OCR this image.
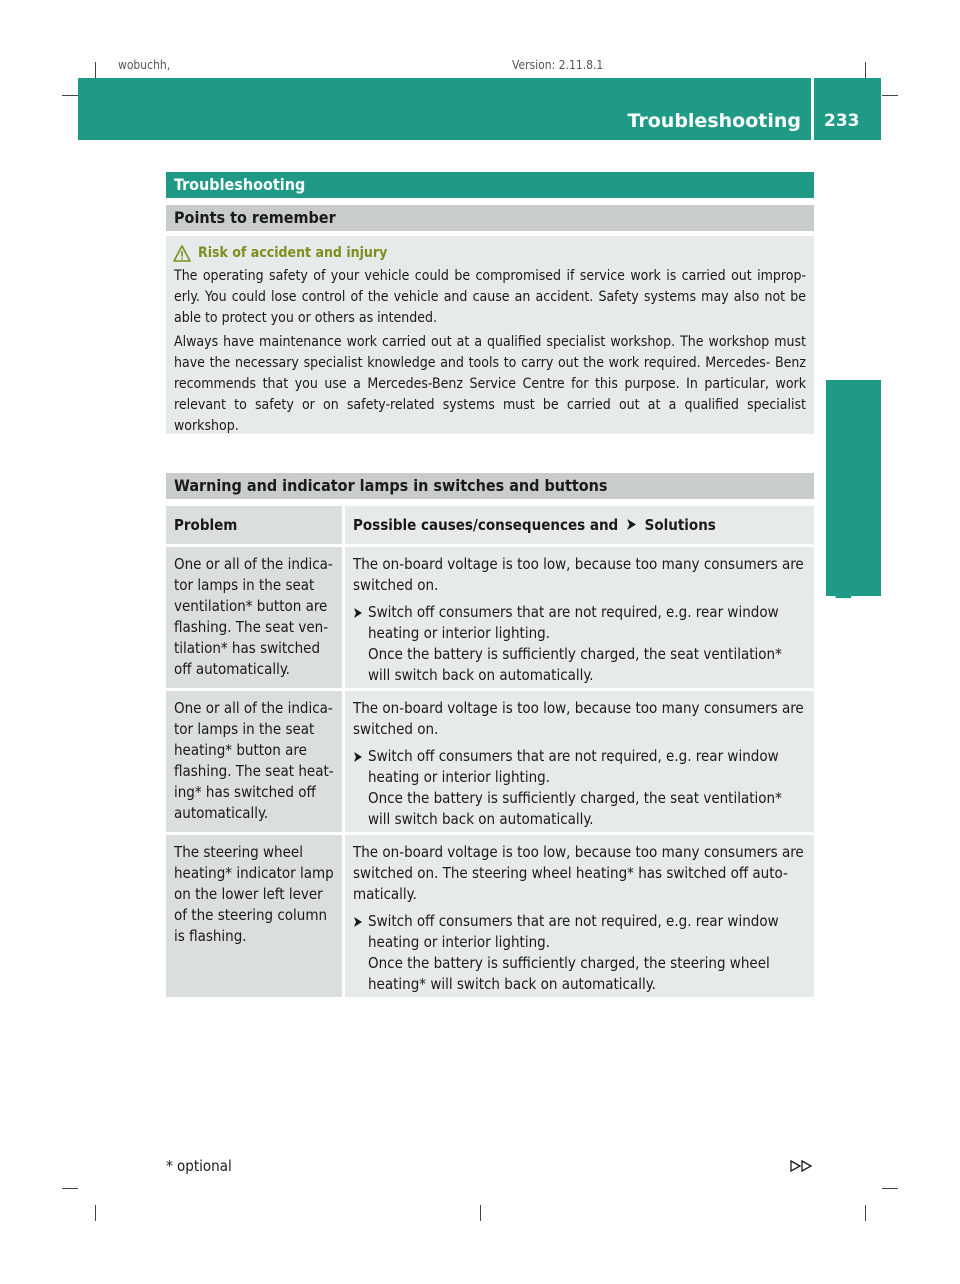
wobuchh,	Version: 2.11.8.1
Troubleshooting 233
Practical advice
Troubleshooting
Points to remember
Risk of accident and injury

The operating safety of your vehicle could be compromised if service work is carried out improp- erly. You could lose control of the vehicle and cause an accident. Safety systems may also not be able to protect you or others as intended.

Always have maintenance work carried out at a qualified specialist workshop. The workshop must have the necessary specialist knowledge and tools to carry out the work required. Mercedes- Benz recommends that you use a Mercedes-Benz Service Centre for this purpose. In particular, work relevant to safety or on safety-related systems must be carried out at a qualified specialist workshop.

Warning and indicator lamps in switches and buttons
Problem	Possible causes/consequences and Solutions
One or all of the indica- tor lamps in the seat ventilation* button are flashing. The seat ven- tilation* has switched off automatically.	The on-board voltage is too low, because too many consumers are switched on.
Switch off consumers that are not required, e.g. rear window heating or interior lighting.
Once the battery is sufficiently charged, the seat ventilation* will switch back on automatically.

One or all of the indica- tor lamps in the seat heating* button are flashing. The seat heat- ing* has switched off automatically.	The on-board voltage is too low, because too many consumers are switched on.
Switch off consumers that are not required, e.g. rear window heating or interior lighting.
Once the battery is sufficiently charged, the seat ventilation* will switch back on automatically.

The steering wheel heating* indicator lamp on the lower left lever of the steering column is flashing.	The on-board voltage is too low, because too many consumers are switched on. The steering wheel heating* has switched off auto- matically.
Switch off consumers that are not required, e.g. rear window heating or interior lighting.
Once the battery is sufficiently charged, the steering wheel heating* will switch back on automatically.
* optional
